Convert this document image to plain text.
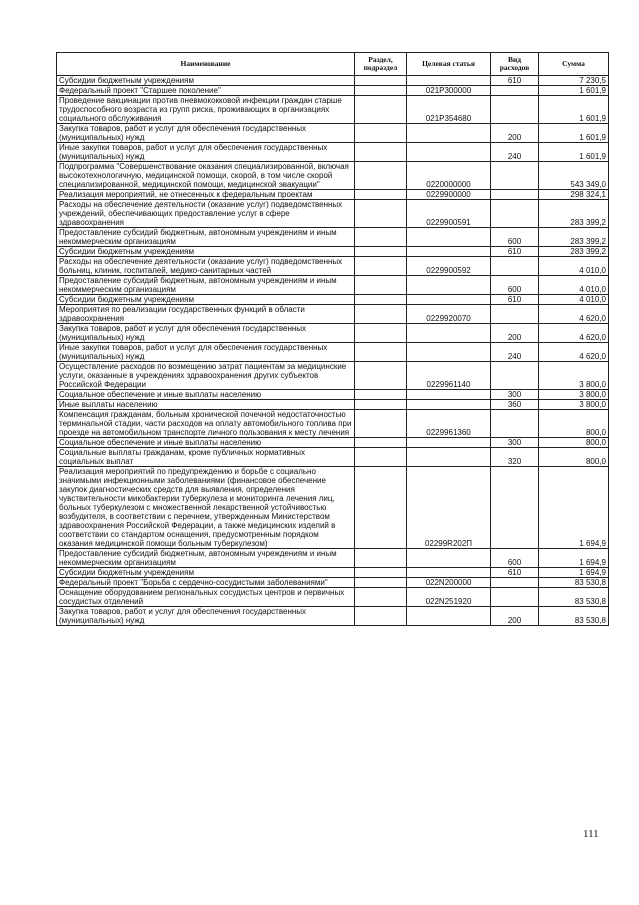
Наименование	Раздел, подраздел	Целевая статья	Вид расходов	Сумма
Субсидии бюджетным учреждениям			610	7 230,5
Федеральный проект "Старшее поколение"		021P300000		1 601,9
Проведение вакцинации против пневмококковой инфекции граждан старше трудоспособного возраста из групп риска, проживающих в организациях социального обслуживания		021P354680		1 601,9
Закупка товаров, работ и услуг для обеспечения государственных (муниципальных) нужд			200	1 601,9
Иные закупки товаров, работ и услуг для обеспечения государственных (муниципальных) нужд			240	1 601,9
Подпрограмма "Совершенствование оказания специализированной, включая высокотехнологичную, медицинской помощи, скорой, в том числе скорой специализированной, медицинской помощи, медицинской эвакуации"		0220000000		543 349,0
Реализация мероприятий, не отнесенных к федеральным проектам		0229900000		298 324,1
Расходы на обеспечение деятельности (оказание услуг) подведомственных учреждений, обеспечивающих предоставление услуг в сфере здравоохранения		0229900591		283 399,2
Предоставление субсидий бюджетным, автономным учреждениям и иным некоммерческим организациям			600	283 399,2
Субсидии бюджетным учреждениям			610	283 399,2
Расходы на обеспечение деятельности (оказание услуг) подведомственных больниц, клиник, госпиталей, медико-санитарных частей		0229900592		4 010,0
Предоставление субсидий бюджетным, автономным учреждениям и иным некоммерческим организациям			600	4 010,0
Субсидии бюджетным учреждениям			610	4 010,0
Мероприятия по реализации государственных функций в области здравоохранения		0229920070		4 620,0
Закупка товаров, работ и услуг для обеспечения государственных (муниципальных) нужд			200	4 620,0
Иные закупки товаров, работ и услуг для обеспечения государственных (муниципальных) нужд			240	4 620,0
Осуществление расходов по возмещению затрат пациентам за медицинские услуги, оказанные в учреждениях здравоохранения других субъектов Российской Федерации		0229961140		3 800,0
Социальное обеспечение и иные выплаты населению			300	3 800,0
Иные выплаты населению			360	3 800,0
Компенсация гражданам, больным хронической почечной недостаточностью терминальной стадии, части расходов на оплату автомобильного топлива при проезде на автомобильном транспорте личного пользования к месту лечения		0229961360		800,0
Социальное обеспечение и иные выплаты населению			300	800,0
Социальные выплаты гражданам, кроме публичных нормативных социальных выплат			320	800,0
Реализация мероприятий по предупреждению и борьбе с социально значимыми инфекционными заболеваниями (финансовое обеспечение закупок диагностических средств для выявления, определения чувствительности микобактерии туберкулеза и мониторинга лечения лиц, больных туберкулезом с множественной лекарственной устойчивостью возбудителя, в соответствии с перечнем, утвержденным Министерством здравоохранения Российской Федерации, а также медицинских изделий в соответствии со стандартом оснащения, предусмотренным порядком оказания медицинской помощи больным туберкулезом)		02299R202П		1 694,9
Предоставление субсидий бюджетным, автономным учреждениям и иным некоммерческим организациям			600	1 694,9
Субсидии бюджетным учреждениям			610	1 694,9
Федеральный проект "Борьба с сердечно-сосудистыми заболеваниями"		022N200000		83 530,8
Оснащение оборудованием региональных сосудистых центров и первичных сосудистых отделений		022N251920		83 530,8
Закупка товаров, работ и услуг для обеспечения государственных (муниципальных) нужд			200	83 530,8
111
